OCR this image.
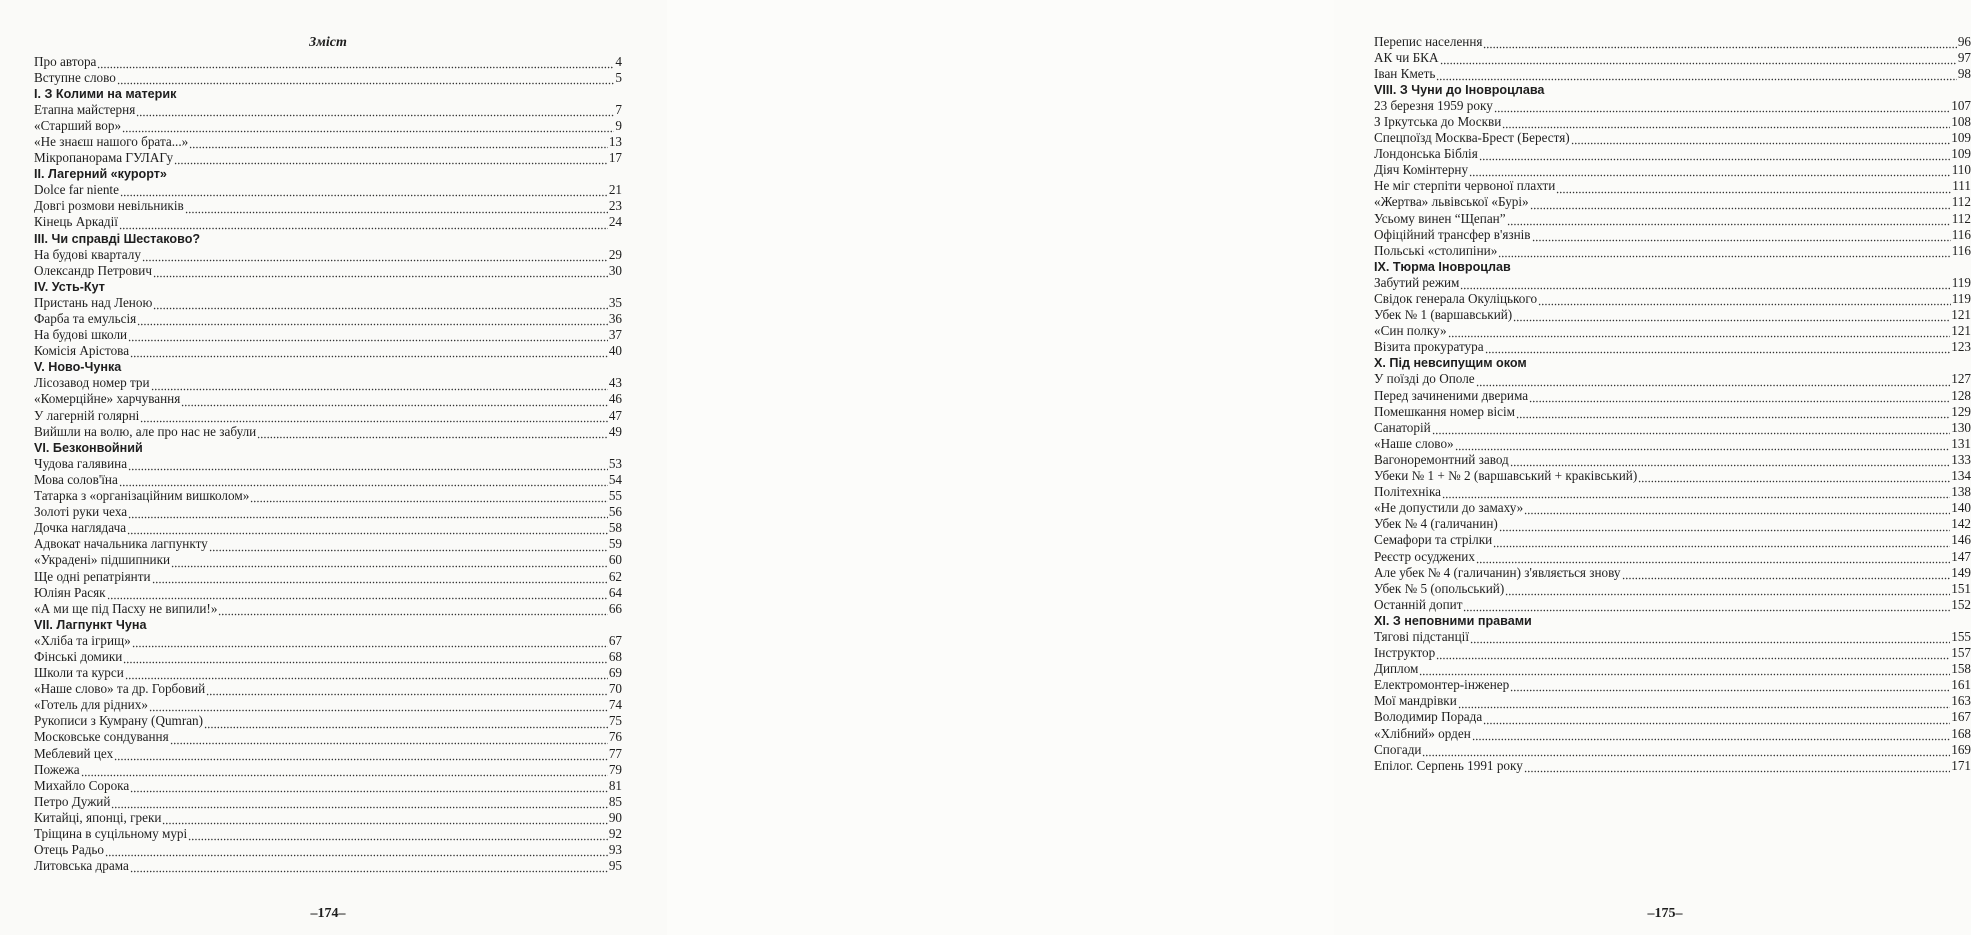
Зміст
Про автора	4
Вступне слово	5
І. З Колими на материк
Етапна майстерня	7
«Старший вор»	9
«Не знаєш нашого брата...»	13
Мікропанорама ГУЛАГу	17
ІІ. Лагерний «курорт»
Dolce far niente	21
Довгі розмови невільників	23
Кінець Аркадії	24
ІІІ. Чи справді Шестаково?
На будові кварталу	29
Олександр Петрович	30
IV. Усть-Кут
Пристань над Леною	35
Фарба та емульсія	36
На будові школи	37
Комісія Арістова	40
V. Ново-Чунка
Лісозавод номер три	43
«Комерційне» харчування	46
У лагерній голярні	47
Вийшли на волю, але про нас не забули	49
VI. Безконвойний
Чудова галявина	53
Мова солов'їна	54
Татарка з «організаційним вишколом»	55
Золоті руки чеха	56
Дочка наглядача	58
Адвокат начальника лагпункту	59
«Украдені» підшипники	60
Ще одні репатріянти	62
Юліян Расяк	64
«А ми ще під Пасху не випили!»	66
VII. Лагпункт Чуна
«Хліба та ігрищ»	67
Фінські домики	68
Школи та курси	69
«Наше слово» та др. Горбовий	70
«Готель для рідних»	74
Рукописи з Кумрану (Qumran)	75
Московське сондування	76
Меблевий цех	77
Пожежа	79
Михайло Сорока	81
Петро Дужий	85
Китайці, японці, греки	90
Тріщина в суцільному мурі	92
Отець Радьо	93
Литовська драма	95
–174–
Перепис населення	96
АК чи БКА	97
Іван Кметь	98
VIII. З Чуни до Іновроцлава
23 березня 1959 року	107
З Іркутська до Москви	108
Спецпоїзд Москва-Брест (Берестя)	109
Лондонська Біблія	109
Діяч Комінтерну	110
Не міг стерпіти червоної плахти	111
«Жертва» львівської «Бурі»	112
Усьому винен “Щепан”	112
Офіційний трансфер в'язнів	116
Польські «столипіни»	116
IX. Тюрма Іновроцлав
Забутий режим	119
Свідок генерала Окуліцького	119
Убек № 1 (варшавський)	121
«Син полку»	121
Візита прокуратура	123
X. Під невсипущим оком
У поїзді до Ополе	127
Перед зачиненими дверима	128
Помешкання номер вісім	129
Санаторій	130
«Наше слово»	131
Вагоноремонтний завод	133
Убеки № 1 + № 2 (варшавський + краківський)	134
Політехніка	138
«Не допустили до замаху»	140
Убек № 4 (галичанин)	142
Семафори та стрілки	146
Реєстр осуджених	147
Але убек № 4 (галичанин) з'являється знову	149
Убек № 5 (опольський)	151
Останній допит	152
XI. З неповними правами
Тягові підстанції	155
Інструктор	157
Диплом	158
Електромонтер-інженер	161
Мої мандрівки	163
Володимир Порада	167
«Хлібний» орден	168
Спогади	169
Епілог. Серпень 1991 року	171
–175–
